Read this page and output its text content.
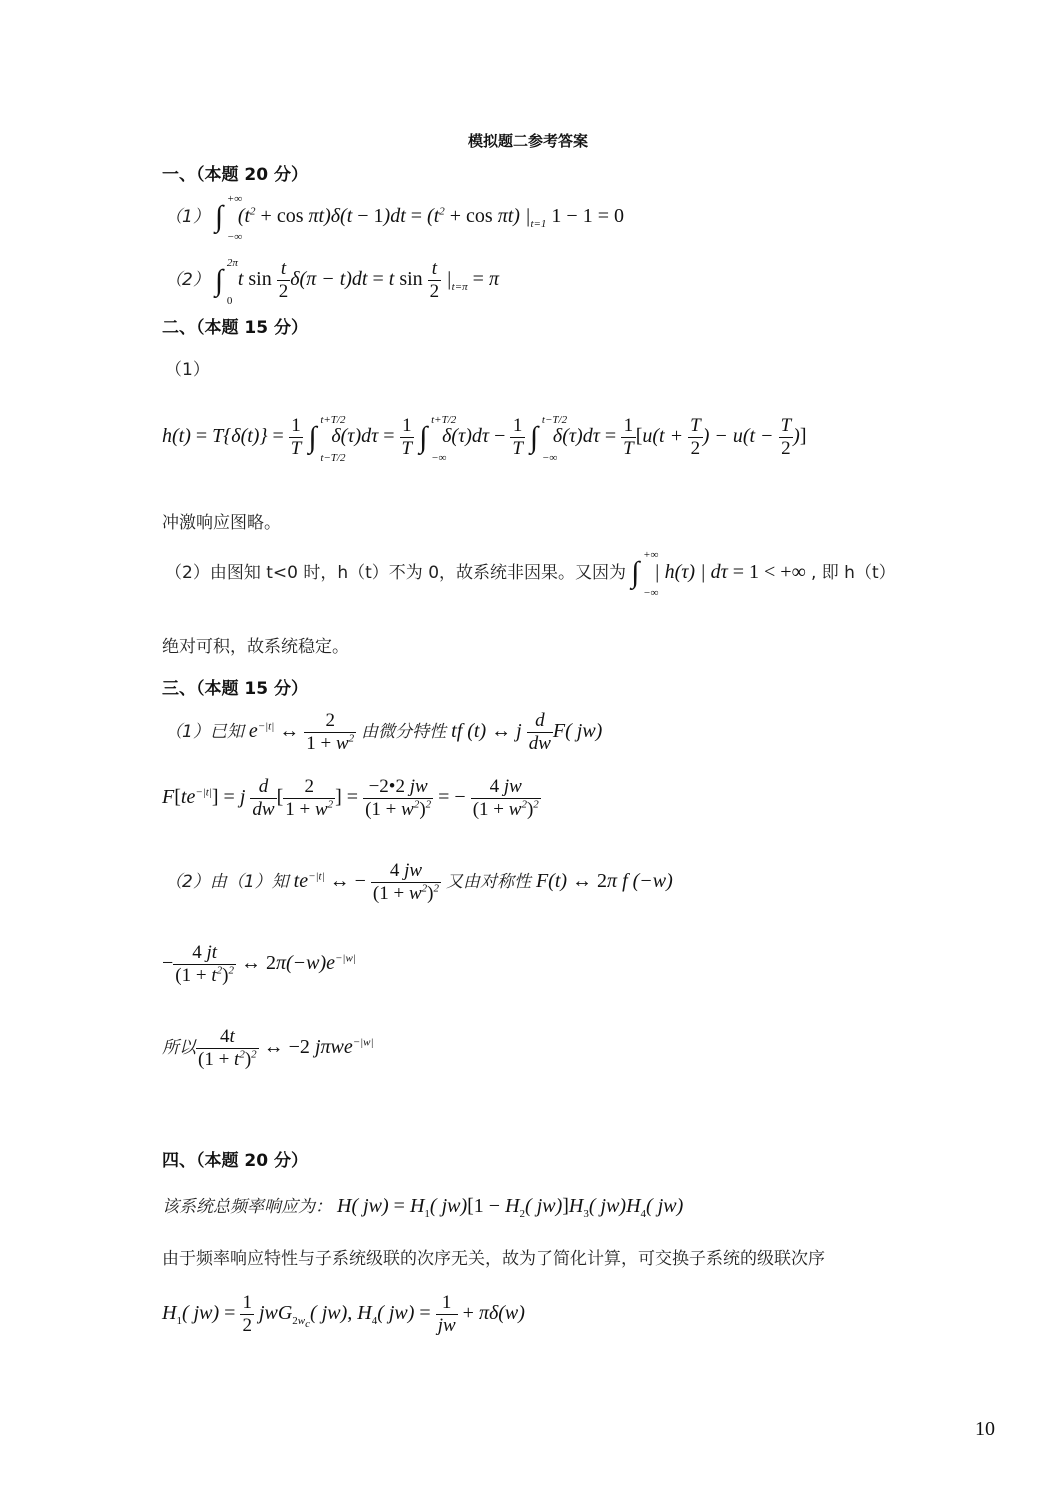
模拟题二参考答案
一、（本题 20 分）
（1） ∫
+∞
−∞
$(t^2 + \cos \pi t)\delta(t - 1)dt = (t^2 + \cos \pi t)$ $|_{t=1}$ 1 − 1 = 0
（2） ∫
2π
0
t $\sin \frac{t}{2} \delta(\pi - t)dt = t$ $\sin \frac{t}{2} |_{t=\pi} = \pi$
二、（本题 15 分）
（1）
$h(t) = T\{\delta(t)\} = \frac{1}{T}$ ∫
t+T/2
t−T/2
$\delta(\tau)d\tau = \frac{1}{T}$ ∫
t+T/2
−∞
$\delta(\tau)d\tau - \frac{1}{T}$ ∫
t−T/2
−∞
$\delta(\tau)d\tau = \frac{1}{T} [u(t + \frac{T}{2}$ ) − $u(t - \frac{T}{2}$ )]
冲激响应图略。
（2）由图知 t<0 时，h（t）不为 0，故系统非因果。又因为 ∫
+∞
−∞
| h(τ) | dτ = 1 < +∞ , 即 h（t）
绝对可积，故系统稳定。
三、（本题 15 分）
（1）已知 $e^{-|t|}$ ↔ $\frac{2}{1 + w^2}$ 由微分特性 tf (t) ↔ j $\frac{d}{dw} F$( jw)
$F[te^{-|t|}] = j \frac{d}{dw}$ [ $\frac{2}{1 + w^2}$ ] = $\frac{-2•2 jw}{(1 + w^2)^2}$ = − $\frac{4 jw}{(1 + w^2)^2}$
（2）由（1）知 $te^{-|t|}$ ↔ − $\frac{4 jw}{(1 + w^2)^2}$ 又由对称性 F(t) ↔ 2π f (−w)
− $\frac{4 jt}{(1 + t^2)^2}$ ↔ $2\pi(-w)e^{-|w|}$
所以 $\frac{4t}{(1 + t^2)^2}$ ↔ −2 jπwe$^{-|w|}$
四、（本题 20 分）
该系统总频率响应为： H( $jw) = H_1$( $jw)[1 - H_2$( $jw)]H_3$( $jw)H_4$( jw)
由于频率响应特性与子系统级联的次序无关，故为了简化计算，可交换子系统的级联次序
$H_1$( $jw) = \frac{1}{2} jwG_{2w_c}$( jw), $H_4$( $jw) = \frac{1}{jw} + \pi\delta(w)$
10
